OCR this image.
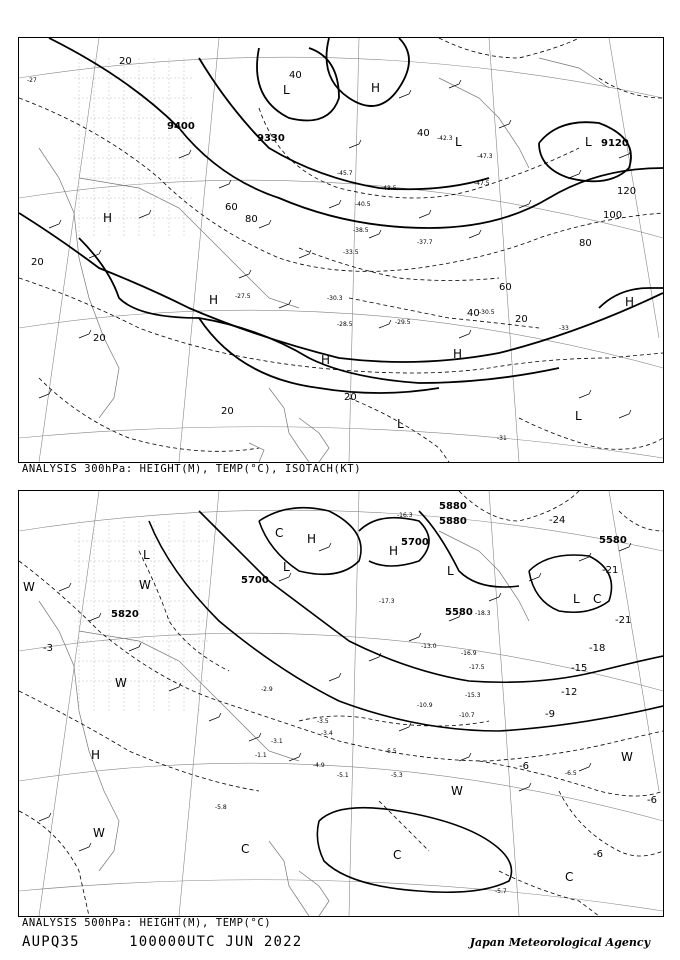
9400
9330	9120
20
20
20
20
20
20
40
40
40
60
60
80
80
100
120
-45.7
-43.5
-47.3
-47.5
-40.5
-37.7
-33.5
-30.3
-30.5
-29.5
-28.5
-27.5
-33
-31
-27
-42.3
-38.5
H
H
H	H
H
H
L
L	L
L
L
ANALYSIS 300hPa: HEIGHT(M), TEMP(°C), ISOTACH(KT)
5880
5880
5700
5700
5580
5820
5580
-24
-21
-21
-18
-15
-12
-9
-6
-6
-6
-3
-16.3
-17.3
-18.3
-17.5
-16.9
-13.0
-15.3
-10.9
-10.7
-5.5
-5.3
-5.1
-5.8
-6.5
-5.7
-3.5
-3.4
-3.1
-2.9
-1.1
-4.9
H
H
H
L
L
L
L
W
W
W
W
W
W
C
C
C	C
C
ANALYSIS 500hPa: HEIGHT(M), TEMP(°C)
AUPQ35	100000UTC JUN 2022	Japan Meteorological Agency
